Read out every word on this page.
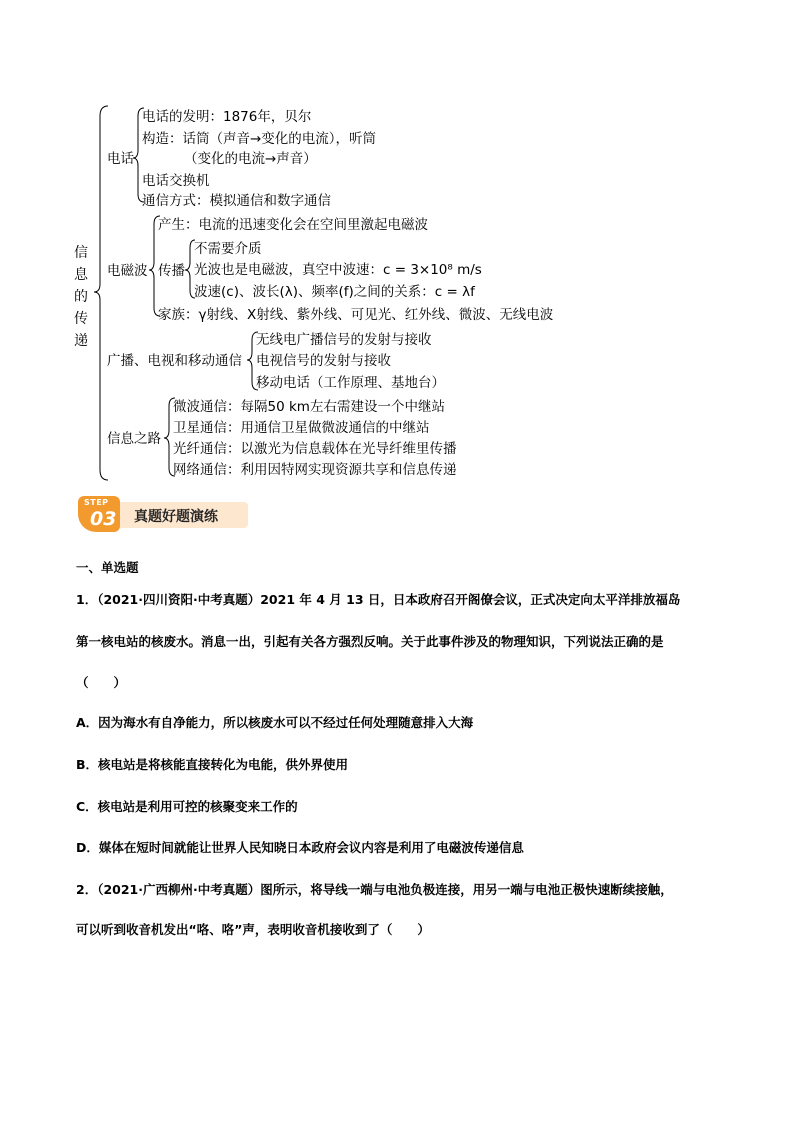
信
息
的
传
递
电话
电话的发明：1876年，贝尔
构造：话筒（声音→变化的电流），听筒
（变化的电流→声音）
电话交换机
通信方式：模拟通信和数字通信
电磁波
产生：电流的迅速变化会在空间里激起电磁波
传播
不需要介质
光波也是电磁波，真空中波速：c = 3×10⁸ m/s
波速(c)、波长(λ)、频率(f)之间的关系：c = λf
家族：γ射线、X射线、紫外线、可见光、红外线、微波、无线电波
广播、电视和移动通信
无线电广播信号的发射与接收
电视信号的发射与接收
移动电话（工作原理、基地台）
信息之路
微波通信：每隔50 km左右需建设一个中继站
卫星通信：用通信卫星做微波通信的中继站
光纤通信：以激光为信息载体在光导纤维里传播
网络通信：利用因特网实现资源共享和信息传递
STEP
03 真题好题演练
一、单选题
1．（2021·四川资阳·中考真题）2021 年 4 月 13 日，日本政府召开阁僚会议，正式决定向太平洋排放福岛
第一核电站的核废水。消息一出，引起有关各方强烈反响。关于此事件涉及的物理知识，下列说法正确的是
（　　）
A．因为海水有自净能力，所以核废水可以不经过任何处理随意排入大海
B．核电站是将核能直接转化为电能，供外界使用
C．核电站是利用可控的核聚变来工作的
D．媒体在短时间就能让世界人民知晓日本政府会议内容是利用了电磁波传递信息
2．（2021·广西柳州·中考真题）图所示，将导线一端与电池负极连接，用另一端与电池正极快速断续接触，
可以听到收音机发出“咯、咯”声，表明收音机接收到了（　　）
